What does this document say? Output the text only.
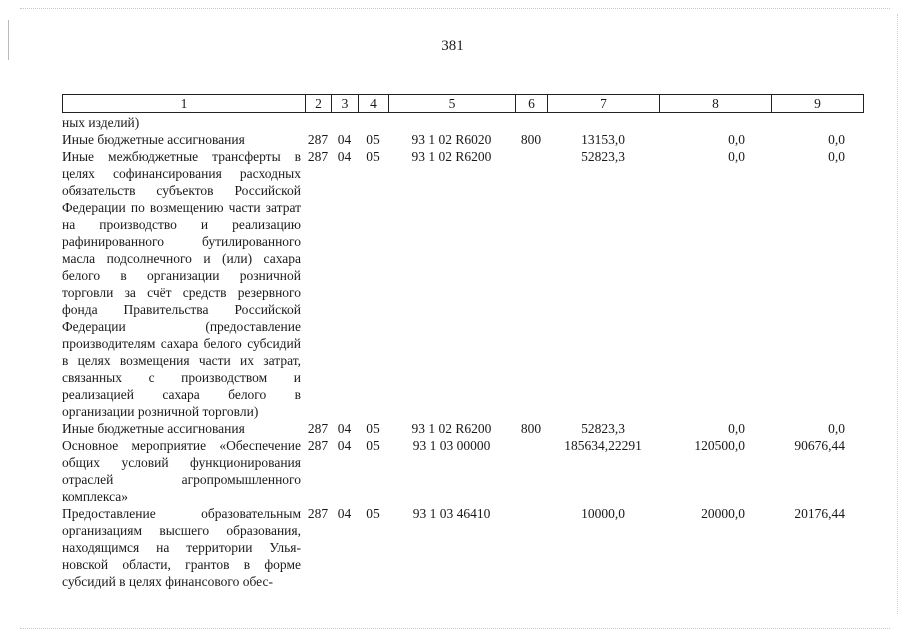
381
1	2	3	4	5	6	7	8	9
ных изделий)								
Иные бюджетные ассигнования	287	04	05	93 1 02 R6020	800	13153,0	0,0	0,0
Иные межбюджетные трансферты в целях софинансирования расходных обязательств субъектов Российской Федерации по возмещению части затрат на производство и реализацию рафинированного бутилированного масла подсолнечного и (или) сахара белого в организации розничной торговли за счёт средств резервного фонда Правительства Российской Федерации (предоставление производителям сахара белого субсидий в целях возмещения части их затрат, связанных с производством и реализацией сахара белого в организации розничной торговли)	287	04	05	93 1 02 R6200		52823,3	0,0	0,0
Иные бюджетные ассигнования	287	04	05	93 1 02 R6200	800	52823,3	0,0	0,0
Основное мероприятие «Обеспечение общих условий функционирования отраслей агропромышленного комплекса»	287	04	05	93 1 03 00000		185634,22291	120500,0	90676,44
Предоставление образовательным организациям высшего образования, находящимся на территории Ульяновской области, грантов в форме субсидий в целях финансового обес-	287	04	05	93 1 03 46410		10000,0	20000,0	20176,44
